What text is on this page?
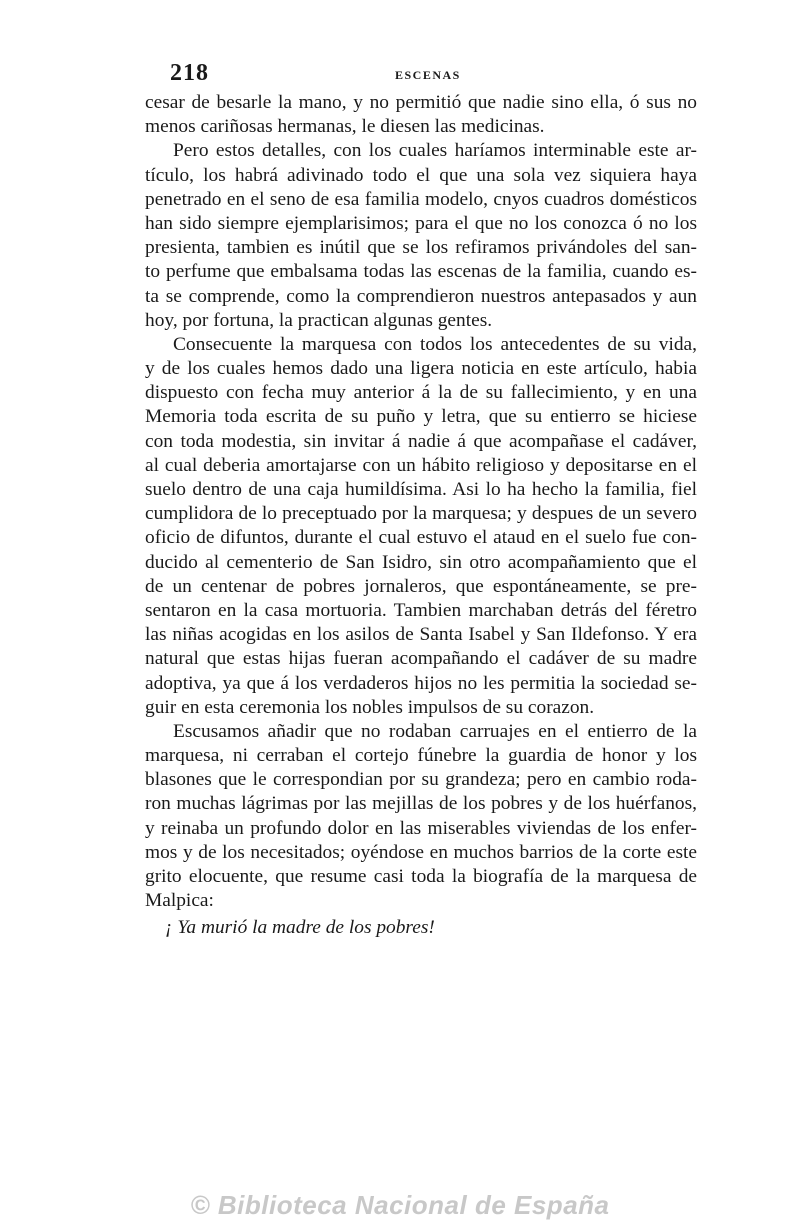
218	ESCENAS
cesar de besarle la mano, y no permitió que nadie sino ella, ó sus no
menos cariñosas hermanas, le diesen las medicinas.
Pero estos detalles, con los cuales haríamos interminable este ar-
tículo, los habrá adivinado todo el que una sola vez siquiera haya
penetrado en el seno de esa familia modelo, cnyos cuadros domésticos
han sido siempre ejemplarisimos; para el que no los conozca ó no los
presienta, tambien es inútil que se los refiramos privándoles del san-
to perfume que embalsama todas las escenas de la familia, cuando es-
ta se comprende, como la comprendieron nuestros antepasados y aun
hoy, por fortuna, la practican algunas gentes.
Consecuente la marquesa con todos los antecedentes de su vida,
y de los cuales hemos dado una ligera noticia en este artículo, habia
dispuesto con fecha muy anterior á la de su fallecimiento, y en una
Memoria toda escrita de su puño y letra, que su entierro se hiciese
con toda modestia, sin invitar á nadie á que acompañase el cadáver,
al cual deberia amortajarse con un hábito religioso y depositarse en el
suelo dentro de una caja humildísima. Asi lo ha hecho la familia, fiel
cumplidora de lo preceptuado por la marquesa; y despues de un severo
oficio de difuntos, durante el cual estuvo el ataud en el suelo fue con-
ducido al cementerio de San Isidro, sin otro acompañamiento que el
de un centenar de pobres jornaleros, que espontáneamente, se pre-
sentaron en la casa mortuoria. Tambien marchaban detrás del féretro
las niñas acogidas en los asilos de Santa Isabel y San Ildefonso. Y era
natural que estas hijas fueran acompañando el cadáver de su madre
adoptiva, ya que á los verdaderos hijos no les permitia la sociedad se-
guir en esta ceremonia los nobles impulsos de su corazon.
Escusamos añadir que no rodaban carruajes en el entierro de la
marquesa, ni cerraban el cortejo fúnebre la guardia de honor y los
blasones que le correspondian por su grandeza; pero en cambio roda-
ron muchas lágrimas por las mejillas de los pobres y de los huérfanos,
y reinaba un profundo dolor en las miserables viviendas de los enfer-
mos y de los necesitados; oyéndose en muchos barrios de la corte este
grito elocuente, que resume casi toda la biografía de la marquesa de
Malpica:
¡ Ya murió la madre de los pobres!
© Biblioteca Nacional de España
